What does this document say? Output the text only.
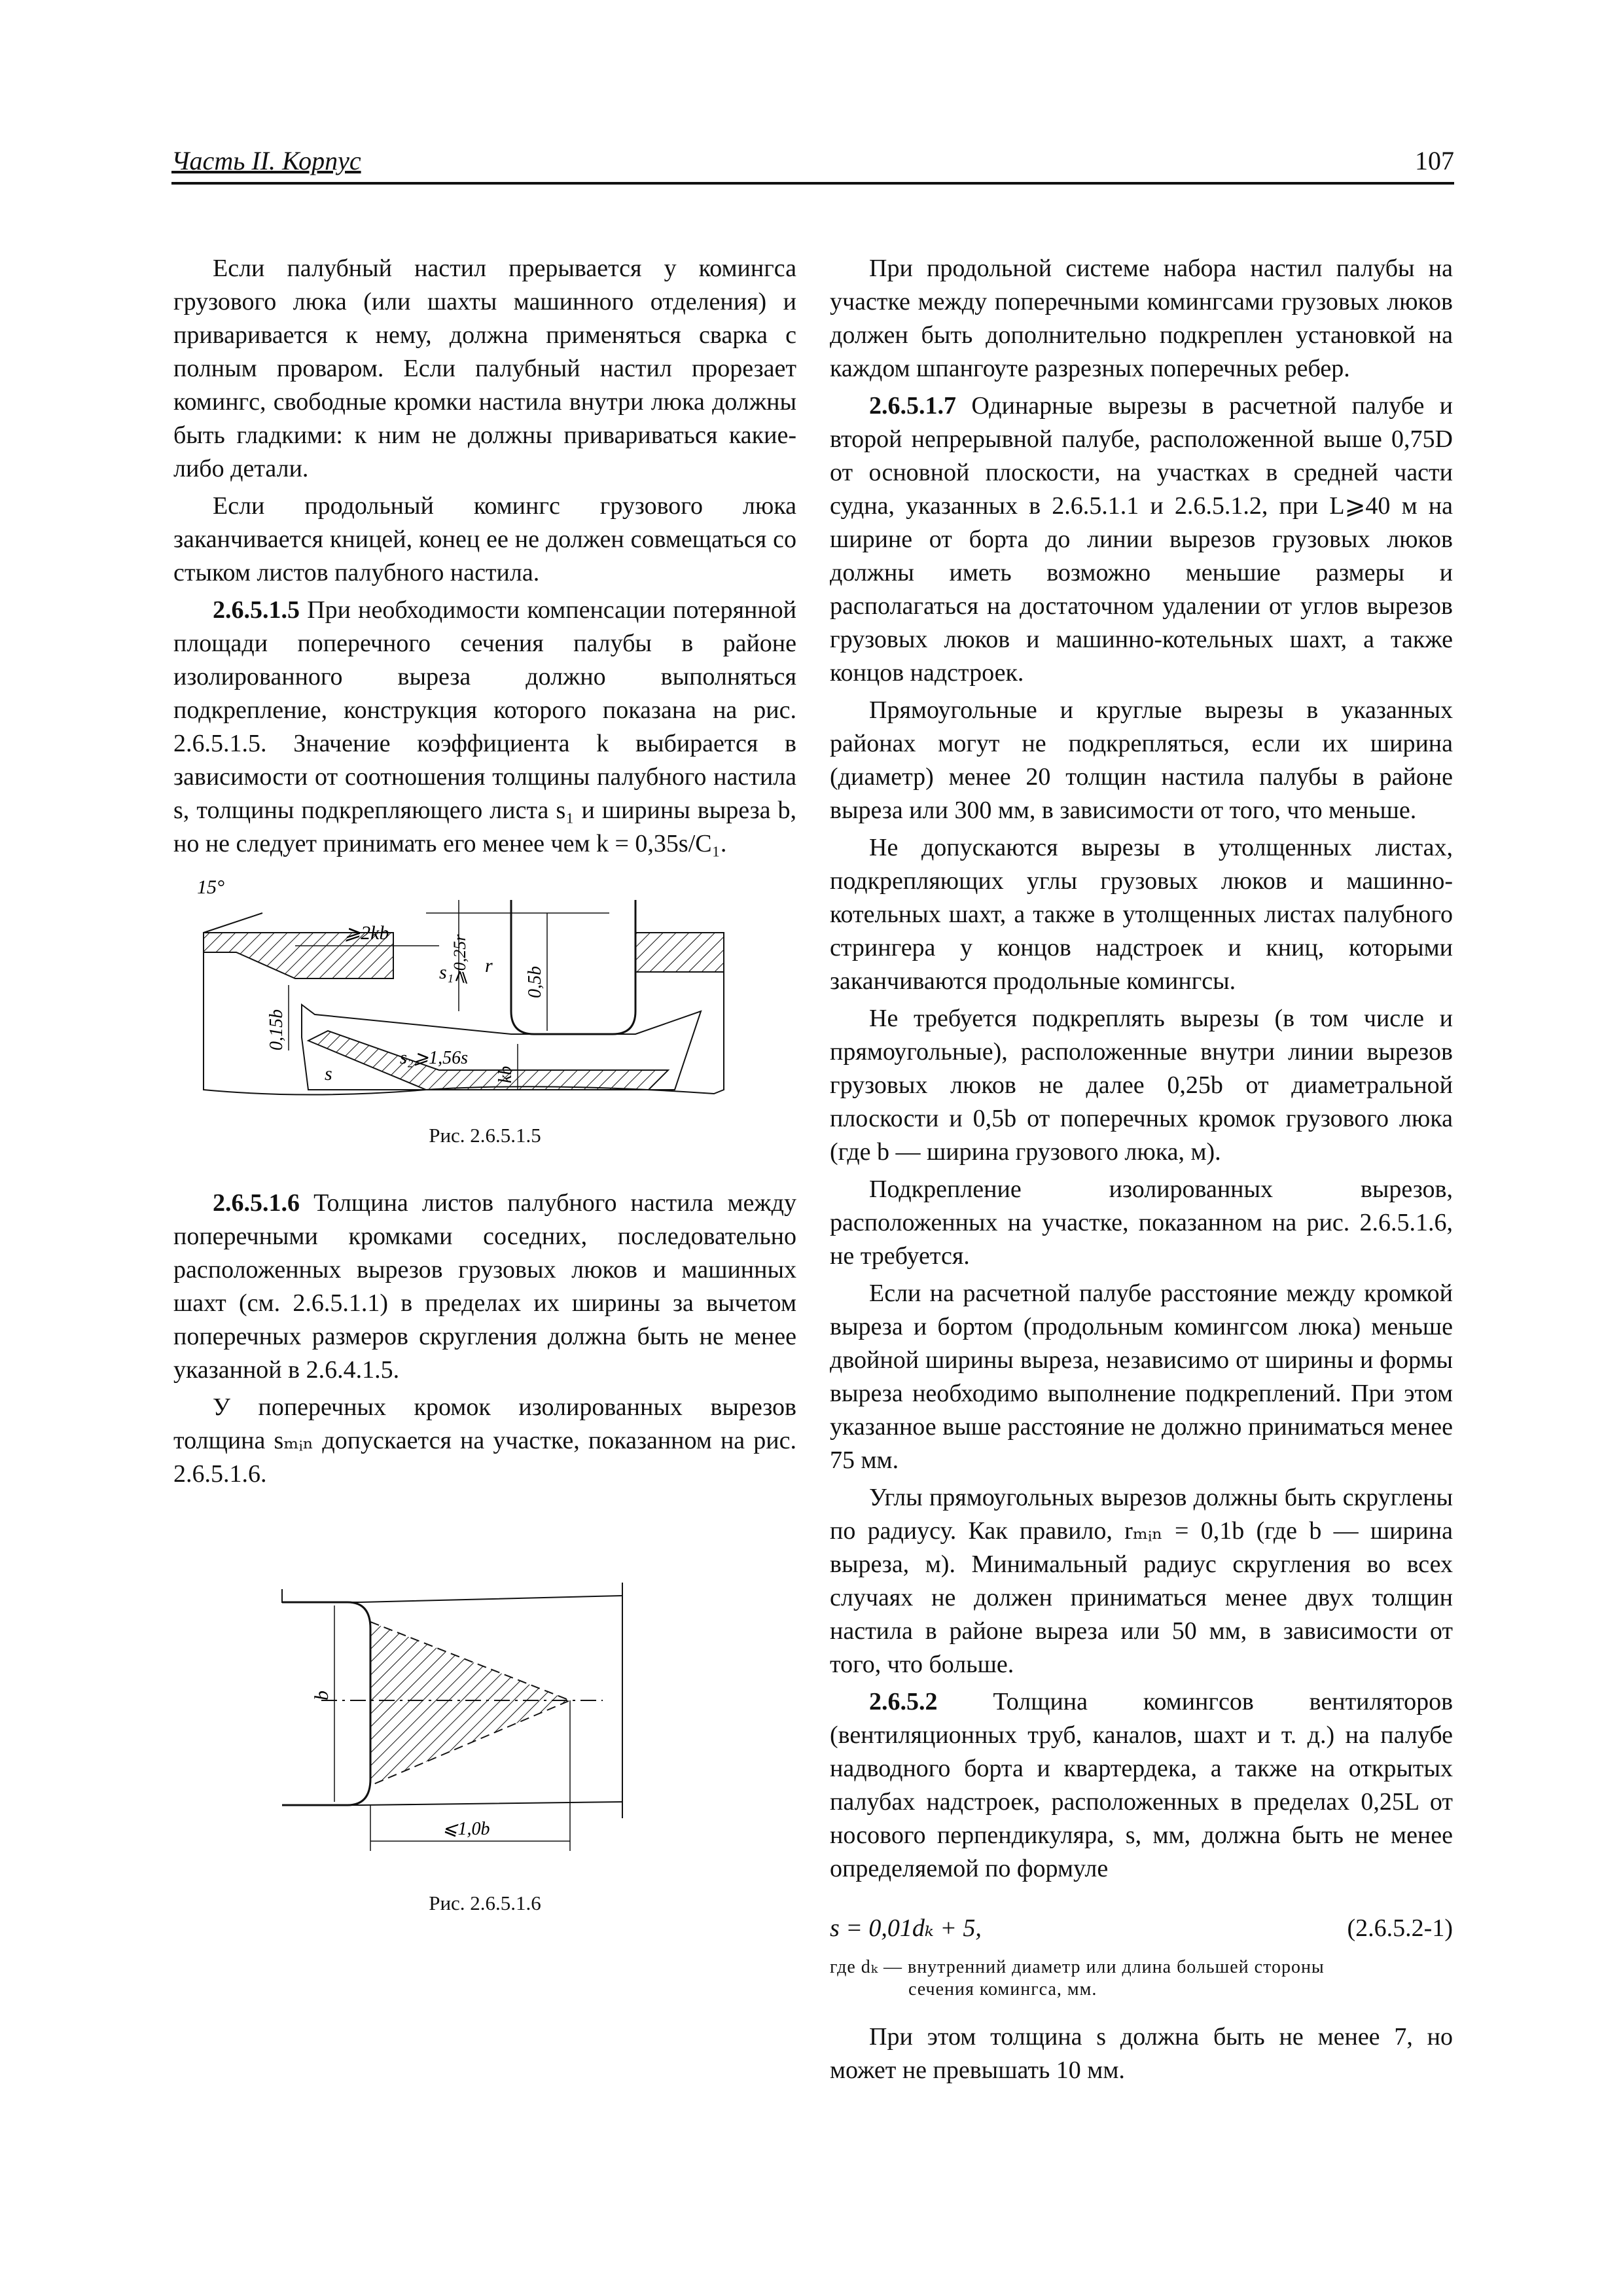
Часть II. Корпус	107

Если палубный настил прерывается у комингса грузового люка (или шахты машинного отделения) и приваривается к нему, должна применяться сварка с полным проваром. Если палубный настил прорезает комингс, свободные кромки настила внутри люка должны быть гладкими: к ним не должны привариваться какие-либо детали.

Если продольный комингс грузового люка заканчивается кницей, конец ее не должен совмещаться со стыком листов палубного настила.

2.6.5.1.5 При необходимости компенсации потерянной площади поперечного сечения палубы в районе изолированного выреза должно выполняться подкрепление, конструкция которого показана на рис. 2.6.5.1.5. Значение коэффициента k выбирается в зависимости от соотношения толщины палубного настила s, толщины подкрепляющего листа s₁ и ширины выреза b, но не следует принимать его менее чем k = 0,35s/C₁.

15°
⩾2kb
⩾0,25r r
0,5b
0,15b
kb
s₁
s₂⩾1,56s
s

Рис. 2.6.5.1.5

2.6.5.1.6 Толщина листов палубного настила между поперечными кромками соседних, последовательно расположенных вырезов грузовых люков и машинных шахт (см. 2.6.5.1.1) в пределах их ширины за вычетом поперечных размеров скругления должна быть не менее указанной в 2.6.4.1.5.

У поперечных кромок изолированных вырезов толщина sₘᵢₙ допускается на участке, показанном на рис. 2.6.5.1.6.

b
⩽1,0b

Рис. 2.6.5.1.6

При продольной системе набора настил палубы на участке между поперечными комингсами грузовых люков должен быть дополнительно подкреплен установкой на каждом шпангоуте разрезных поперечных ребер.

2.6.5.1.7 Одинарные вырезы в расчетной палубе и второй непрерывной палубе, расположенной выше 0,75D от основной плоскости, на участках в средней части судна, указанных в 2.6.5.1.1 и 2.6.5.1.2, при L⩾40 м на ширине от борта до линии вырезов грузовых люков должны иметь возможно меньшие размеры и располагаться на достаточном удалении от углов вырезов грузовых люков и машинно-котельных шахт, а также концов надстроек.

Прямоугольные и круглые вырезы в указанных районах могут не подкрепляться, если их ширина (диаметр) менее 20 толщин настила палубы в районе выреза или 300 мм, в зависимости от того, что меньше.

Не допускаются вырезы в утолщенных листах, подкрепляющих углы грузовых люков и машинно-котельных шахт, а также в утолщенных листах палубного стрингера у концов надстроек и книц, которыми заканчиваются продольные комингсы.

Не требуется подкреплять вырезы (в том числе и прямоугольные), расположенные внутри линии вырезов грузовых люков не далее 0,25b от диаметральной плоскости и 0,5b от поперечных кромок грузового люка (где b — ширина грузового люка, м).

Подкрепление изолированных вырезов, расположенных на участке, показанном на рис. 2.6.5.1.6, не требуется.

Если на расчетной палубе расстояние между кромкой выреза и бортом (продольным комингсом люка) меньше двойной ширины выреза, независимо от ширины и формы выреза необходимо выполнение подкреплений. При этом указанное выше расстояние не должно приниматься менее 75 мм.

Углы прямоугольных вырезов должны быть скруглены по радиусу. Как правило, rₘᵢₙ = 0,1b (где b — ширина выреза, м). Минимальный радиус скругления во всех случаях не должен приниматься менее двух толщин настила в районе выреза или 50 мм, в зависимости от того, что больше.

2.6.5.2 Толщина комингсов вентиляторов (вентиляционных труб, каналов, шахт и т. д.) на палубе надводного борта и квартердека, а также на открытых палубах надстроек, расположенных в пределах 0,25L от носового перпендикуляра, s, мм, должна быть не менее определяемой по формуле

s = 0,01dₖ + 5,	(2.6.5.2-1)
где dₖ — внутренний диаметр или длина большей стороны
сечения комингса, мм.

При этом толщина s должна быть не менее 7, но может не превышать 10 мм.
